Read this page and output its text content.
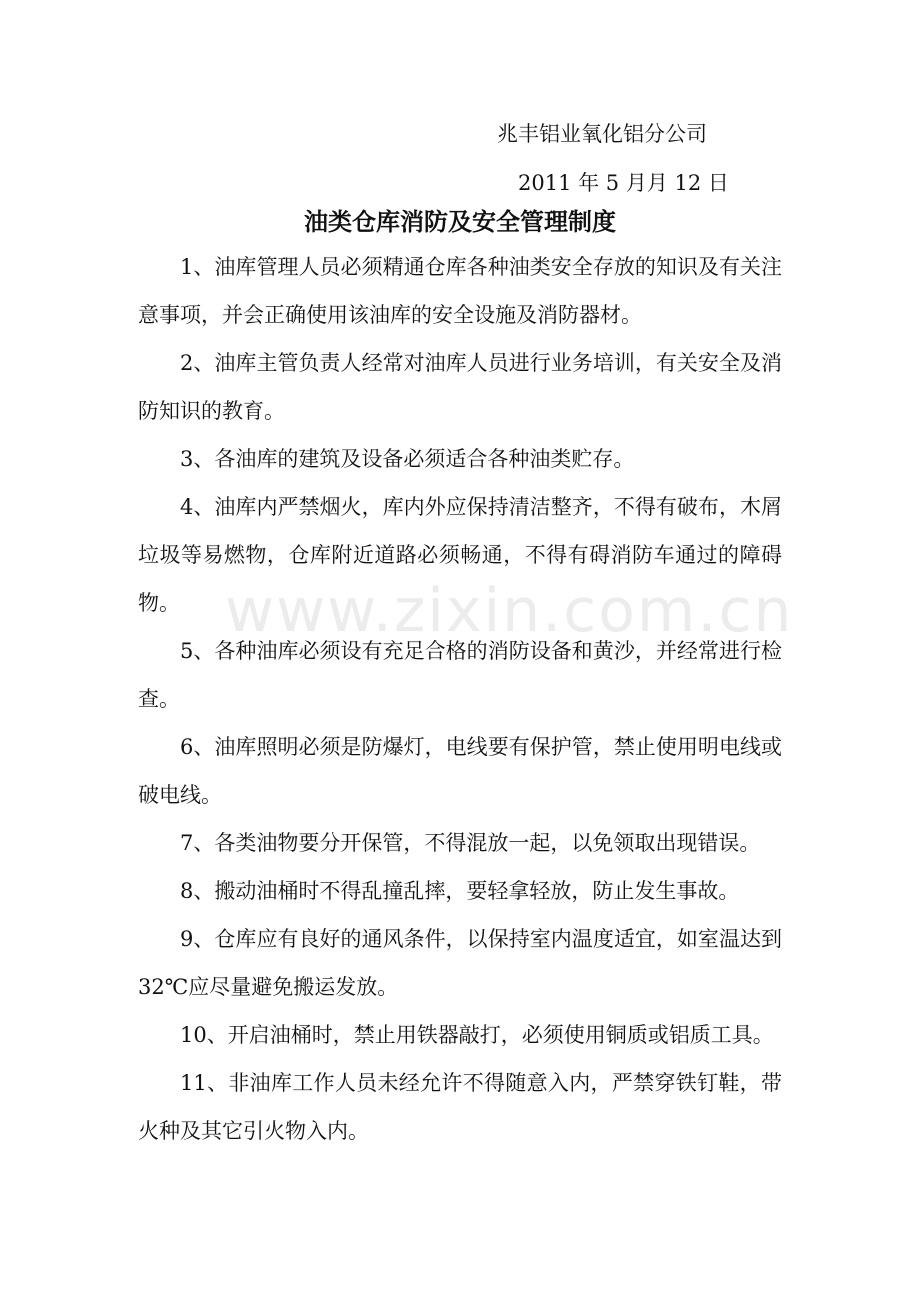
兆丰铝业氧化铝分公司
2011 年 5 月月 12 日
油类仓库消防及安全管理制度

1、油库管理人员必须精通仓库各种油类安全存放的知识及有关注意事项，并会正确使用该油库的安全设施及消防器材。

2、油库主管负责人经常对油库人员进行业务培训，有关安全及消防知识的教育。

3、各油库的建筑及设备必须适合各种油类贮存。

4、油库内严禁烟火，库内外应保持清洁整齐，不得有破布，木屑垃圾等易燃物，仓库附近道路必须畅通，不得有碍消防车通过的障碍物。

5、各种油库必须设有充足合格的消防设备和黄沙，并经常进行检查。

6、油库照明必须是防爆灯，电线要有保护管，禁止使用明电线或破电线。

7、各类油物要分开保管，不得混放一起，以免领取出现错误。

8、搬动油桶时不得乱撞乱摔，要轻拿轻放，防止发生事故。

9、仓库应有良好的通风条件，以保持室内温度适宜，如室温达到 32℃应尽量避免搬运发放。

10、开启油桶时，禁止用铁器敲打，必须使用铜质或铝质工具。

11、非油库工作人员未经允许不得随意入内，严禁穿铁钉鞋，带火种及其它引火物入内。

www.zixin.com.cn
